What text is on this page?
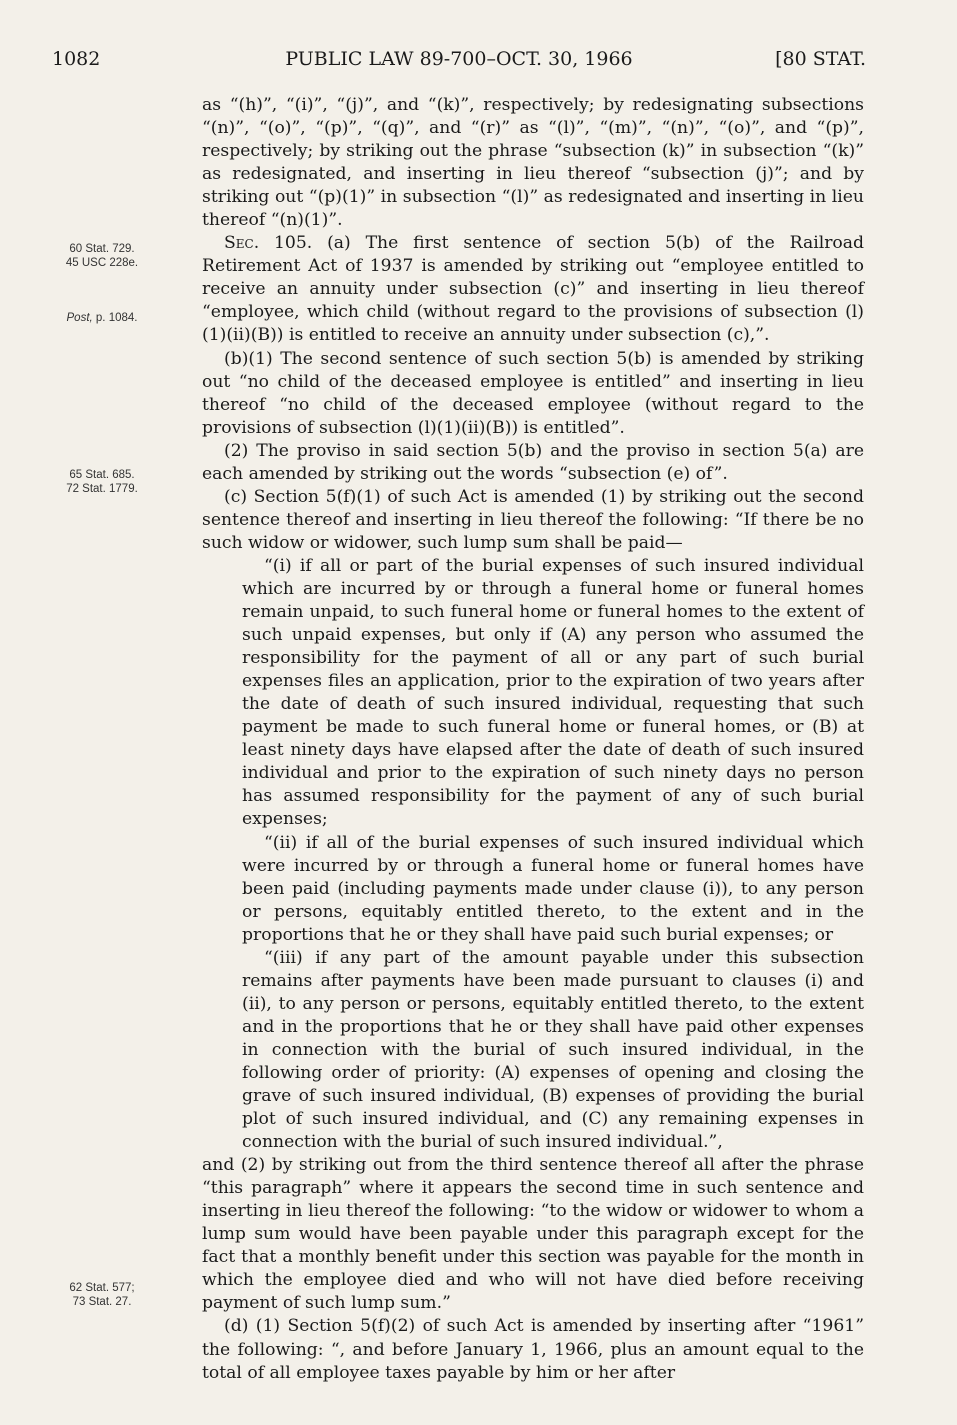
1082	PUBLIC LAW 89-700–OCT. 30, 1966	[80 STAT.
60 Stat. 729.
45 USC 228e.
Post, p. 1084.
65 Stat. 685.
72 Stat. 1779.
62 Stat. 577;
73 Stat. 27.

as “(h)”, “(i)”, “(j)”, and “(k)”, respectively; by redesignating subsections “(n)”, “(o)”, “(p)”, “(q)”, and “(r)” as “(l)”, “(m)”, “(n)”, “(o)”, and “(p)”, respectively; by striking out the phrase “subsection (k)” in subsection “(k)” as redesignated, and inserting in lieu thereof “subsection (j)”; and by striking out “(p)(1)” in subsection “(l)” as redesignated and inserting in lieu thereof “(n)(1)”.

Sec. 105. (a) The first sentence of section 5(b) of the Railroad Retirement Act of 1937 is amended by striking out “employee entitled to receive an annuity under subsection (c)” and inserting in lieu thereof “employee, which child (without regard to the provisions of subsection (l)(1)(ii)(B)) is entitled to receive an annuity under subsection (c),”.

(b)(1) The second sentence of such section 5(b) is amended by striking out “no child of the deceased employee is entitled” and inserting in lieu thereof “no child of the deceased employee (without regard to the provisions of subsection (l)(1)(ii)(B)) is entitled”.

(2) The proviso in said section 5(b) and the proviso in section 5(a) are each amended by striking out the words “subsection (e) of”.

(c) Section 5(f)(1) of such Act is amended (1) by striking out the second sentence thereof and inserting in lieu thereof the following: “If there be no such widow or widower, such lump sum shall be paid—

“(i) if all or part of the burial expenses of such insured individual which are incurred by or through a funeral home or funeral homes remain unpaid, to such funeral home or funeral homes to the extent of such unpaid expenses, but only if (A) any person who assumed the responsibility for the payment of all or any part of such burial expenses files an application, prior to the expiration of two years after the date of death of such insured individual, requesting that such payment be made to such funeral home or funeral homes, or (B) at least ninety days have elapsed after the date of death of such insured individual and prior to the expiration of such ninety days no person has assumed responsibility for the payment of any of such burial expenses;

“(ii) if all of the burial expenses of such insured individual which were incurred by or through a funeral home or funeral homes have been paid (including payments made under clause (i)), to any person or persons, equitably entitled thereto, to the extent and in the proportions that he or they shall have paid such burial expenses; or

“(iii) if any part of the amount payable under this subsection remains after payments have been made pursuant to clauses (i) and (ii), to any person or persons, equitably entitled thereto, to the extent and in the proportions that he or they shall have paid other expenses in connection with the burial of such insured individual, in the following order of priority: (A) expenses of opening and closing the grave of such insured individual, (B) expenses of providing the burial plot of such insured individual, and (C) any remaining expenses in connection with the burial of such insured individual.”,

and (2) by striking out from the third sentence thereof all after the phrase “this paragraph” where it appears the second time in such sentence and inserting in lieu thereof the following: “to the widow or widower to whom a lump sum would have been payable under this paragraph except for the fact that a monthly benefit under this section was payable for the month in which the employee died and who will not have died before receiving payment of such lump sum.”

(d) (1) Section 5(f)(2) of such Act is amended by inserting after “1961” the following: “, and before January 1, 1966, plus an amount equal to the total of all employee taxes payable by him or her after
